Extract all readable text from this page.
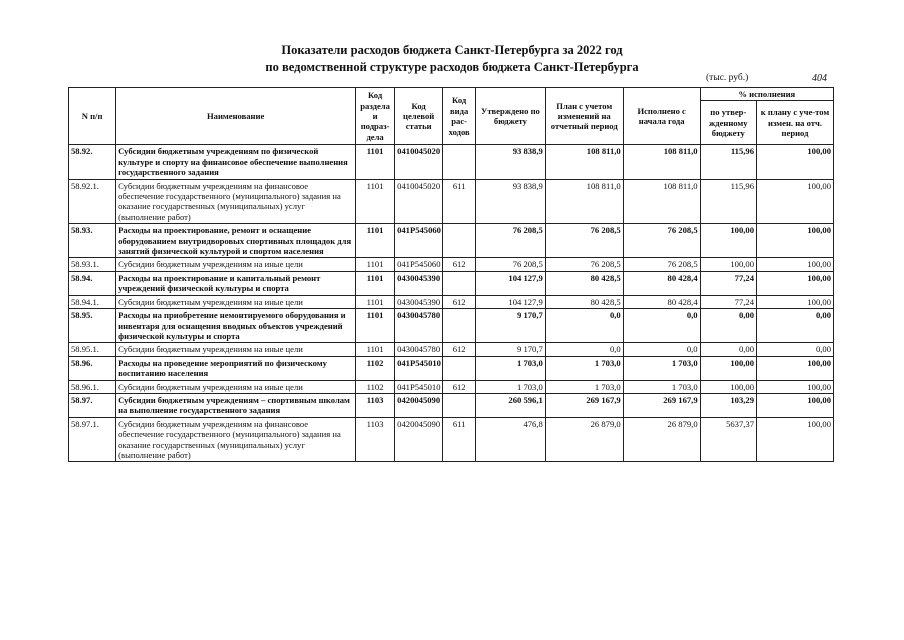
Показатели расходов бюджета Санкт-Петербурга за 2022 год
по ведомственной структуре расходов бюджета Санкт-Петербурга
(тыс. руб.)	404
N п/п	Наименование	Код раздела и подраз-дела	Код целевой статьи	Код вида рас-ходов	Утверждено по бюджету	План с учетом изменений на отчетный период	Исполнено с начала года	% исполнения	
								по утвер-жденному бюджету	к плану с уче-том измен. на отч. период
58.92.	Субсидии бюджетным учреждениям по физической культуре и спорту на финансовое обеспечение выполнения государственного задания	1101	0410045020		93 838,9	108 811,0	108 811,0	115,96	100,00
58.92.1.	Субсидии бюджетным учреждениям на финансовое обеспечение государственного (муниципального) задания на оказание государственных (муниципальных) услуг (выполнение работ)	1101	0410045020	611	93 838,9	108 811,0	108 811,0	115,96	100,00
58.93.	Расходы на проектирование, ремонт и оснащение оборудованием внутридворовых спортивных площадок для занятий физической культурой и спортом населения	1101	041Р545060		76 208,5	76 208,5	76 208,5	100,00	100,00
58.93.1.	Субсидии бюджетным учреждениям на иные цели	1101	041Р545060	612	76 208,5	76 208,5	76 208,5	100,00	100,00
58.94.	Расходы на проектирование и капитальный ремонт учреждений физической культуры и спорта	1101	0430045390		104 127,9	80 428,5	80 428,4	77,24	100,00
58.94.1.	Субсидии бюджетным учреждениям на иные цели	1101	0430045390	612	104 127,9	80 428,5	80 428,4	77,24	100,00
58.95.	Расходы на приобретение немонтируемого оборудования и инвентаря для оснащения вводных объектов учреждений физической культуры и спорта	1101	0430045780		9 170,7	0,0	0,0	0,00	0,00
58.95.1.	Субсидии бюджетным учреждениям на иные цели	1101	0430045780	612	9 170,7	0,0	0,0	0,00	0,00
58.96.	Расходы на проведение мероприятий по физическому воспитанию населения	1102	041Р545010		1 703,0	1 703,0	1 703,0	100,00	100,00
58.96.1.	Субсидии бюджетным учреждениям на иные цели	1102	041Р545010	612	1 703,0	1 703,0	1 703,0	100,00	100,00
58.97.	Субсидии бюджетным учреждениям – спортивным школам на выполнение государственного задания	1103	0420045090		260 596,1	269 167,9	269 167,9	103,29	100,00
58.97.1.	Субсидии бюджетным учреждениям на финансовое обеспечение государственного (муниципального) задания на оказание государственных (муниципальных) услуг (выполнение работ)	1103	0420045090	611	476,8	26 879,0	26 879,0	5637,37	100,00
